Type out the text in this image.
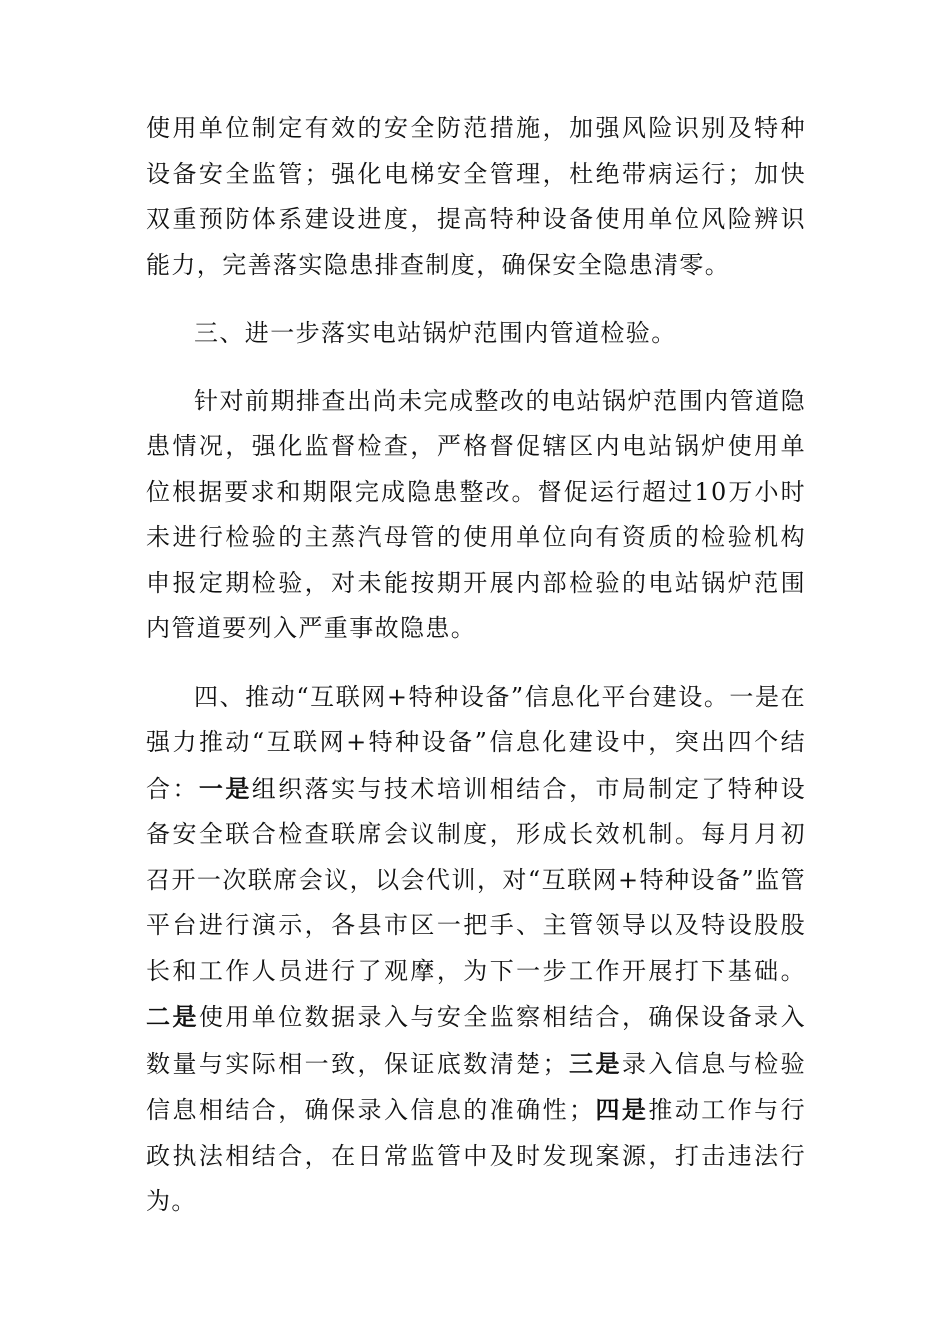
使用单位制定有效的安全防范措施，加强风险识别及特种设备安全监管；强化电梯安全管理，杜绝带病运行；加快双重预防体系建设进度，提高特种设备使用单位风险辨识能力，完善落实隐患排查制度，确保安全隐患清零。

三、进一步落实电站锅炉范围内管道检验。

针对前期排查出尚未完成整改的电站锅炉范围内管道隐患情况，强化监督检查，严格督促辖区内电站锅炉使用单位根据要求和期限完成隐患整改。督促运行超过10万小时未进行检验的主蒸汽母管的使用单位向有资质的检验机构申报定期检验，对未能按期开展内部检验的电站锅炉范围内管道要列入严重事故隐患。

四、推动“互联网+特种设备”信息化平台建设。一是在强力推动“互联网+特种设备”信息化建设中，突出四个结合：一是组织落实与技术培训相结合，市局制定了特种设备安全联合检查联席会议制度，形成长效机制。每月月初召开一次联席会议，以会代训，对“互联网+特种设备”监管平台进行演示，各县市区一把手、主管领导以及特设股股长和工作人员进行了观摩，为下一步工作开展打下基础。二是使用单位数据录入与安全监察相结合，确保设备录入数量与实际相一致，保证底数清楚；三是录入信息与检验信息相结合，确保录入信息的准确性；四是推动工作与行政执法相结合，在日常监管中及时发现案源，打击违法行为。
